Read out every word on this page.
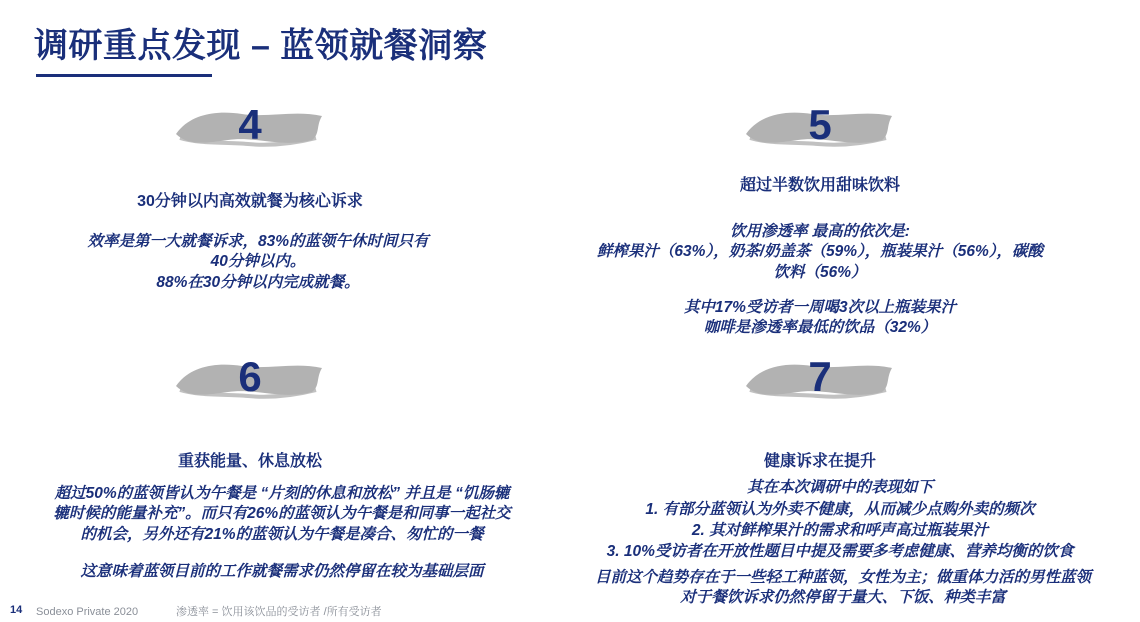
调研重点发现 – 蓝领就餐洞察
4
30分钟以内高效就餐为核心诉求
效率是第一大就餐诉求，83%的蓝领午休时间只有
40分钟以内。
88%在30分钟以内完成就餐。
5
超过半数饮用甜味饮料
饮用渗透率 最高的依次是:
鲜榨果汁（63%），奶茶/奶盖茶（59%），瓶装果汁（56%），碳酸
饮料（56%）
其中17%受访者一周喝3次以上瓶装果汁
咖啡是渗透率最低的饮品（32%）
6
重获能量、休息放松
超过50%的蓝领皆认为午餐是 “片刻的休息和放松” 并且是 “饥肠辘
辘时候的能量补充”。而只有26%的蓝领认为午餐是和同事一起社交
的机会，另外还有21%的蓝领认为午餐是凑合、匆忙的一餐
这意味着蓝领目前的工作就餐需求仍然停留在较为基础层面
7
健康诉求在提升
其在本次调研中的表现如下
1. 有部分蓝领认为外卖不健康，从而减少点购外卖的频次
2. 其对鲜榨果汁的需求和呼声高过瓶装果汁
3. 10%受访者在开放性题目中提及需要多考虑健康、营养均衡的饮食
目前这个趋势存在于一些轻工种蓝领，女性为主；做重体力活的男性蓝领
对于餐饮诉求仍然停留于量大、下饭、种类丰富
14 Sodexo Private 2020	渗透率 = 饮用该饮品的受访者 /所有受访者
